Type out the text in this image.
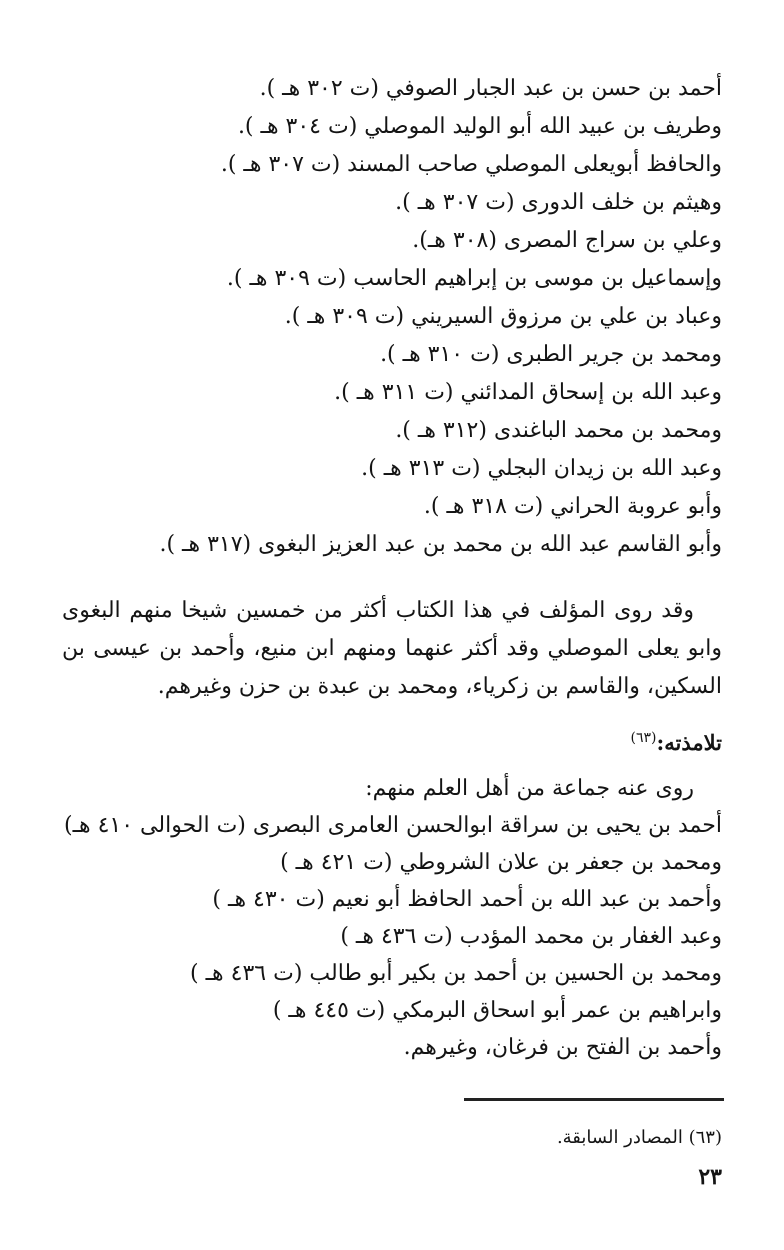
أحمد بن حسن بن عبد الجبار الصوفي (ت ٣٠٢ هـ ).
وطريف بن عبيد الله أبو الوليد الموصلي (ت ٣٠٤ هـ ).
والحافظ أبويعلى الموصلي صاحب المسند (ت ٣٠٧ هـ ).
وهيثم بن خلف الدورى (ت ٣٠٧ هـ ).
وعلي بن سراج المصرى (٣٠٨ هـ).
وإسماعيل بن موسى بن إبراهيم الحاسب (ت ٣٠٩ هـ ).
وعباد بن علي بن مرزوق السيريني (ت ٣٠٩ هـ ).
ومحمد بن جرير الطبرى (ت ٣١٠ هـ ).
وعبد الله بن إسحاق المدائني (ت ٣١١ هـ ).
ومحمد بن محمد الباغندى (٣١٢ هـ ).
وعبد الله بن زيدان البجلي (ت ٣١٣ هـ ).
وأبو عروبة الحراني (ت ٣١٨ هـ ).
وأبو القاسم عبد الله بن محمد بن عبد العزيز البغوى (٣١٧ هـ ).

وقد روى المؤلف في هذا الكتاب أكثر من خمسين شيخا منهم البغوى وابو يعلى الموصلي وقد أكثر عنهما ومنهم ابن منيع، وأحمد بن عيسى بن السكين، والقاسم بن زكرياء، ومحمد بن عبدة بن حزن وغيرهم.

تلامذته:$^{(٦٣)}$
روى عنه جماعة من أهل العلم منهم:
أحمد بن يحيى بن سراقة ابوالحسن العامرى البصرى (ت الحوالى ٤١٠ هـ)
ومحمد بن جعفر بن علان الشروطي (ت ٤٢١ هـ )
وأحمد بن عبد الله بن أحمد الحافظ أبو نعيم (ت ٤٣٠ هـ )
وعبد الغفار بن محمد المؤدب (ت ٤٣٦ هـ )
ومحمد بن الحسين بن أحمد بن بكير أبو طالب (ت ٤٣٦ هـ )
وابراهيم بن عمر أبو اسحاق البرمكي (ت ٤٤٥ هـ )
وأحمد بن الفتح بن فرغان، وغيرهم.
(٦٣) المصادر السابقة.
٢٣
